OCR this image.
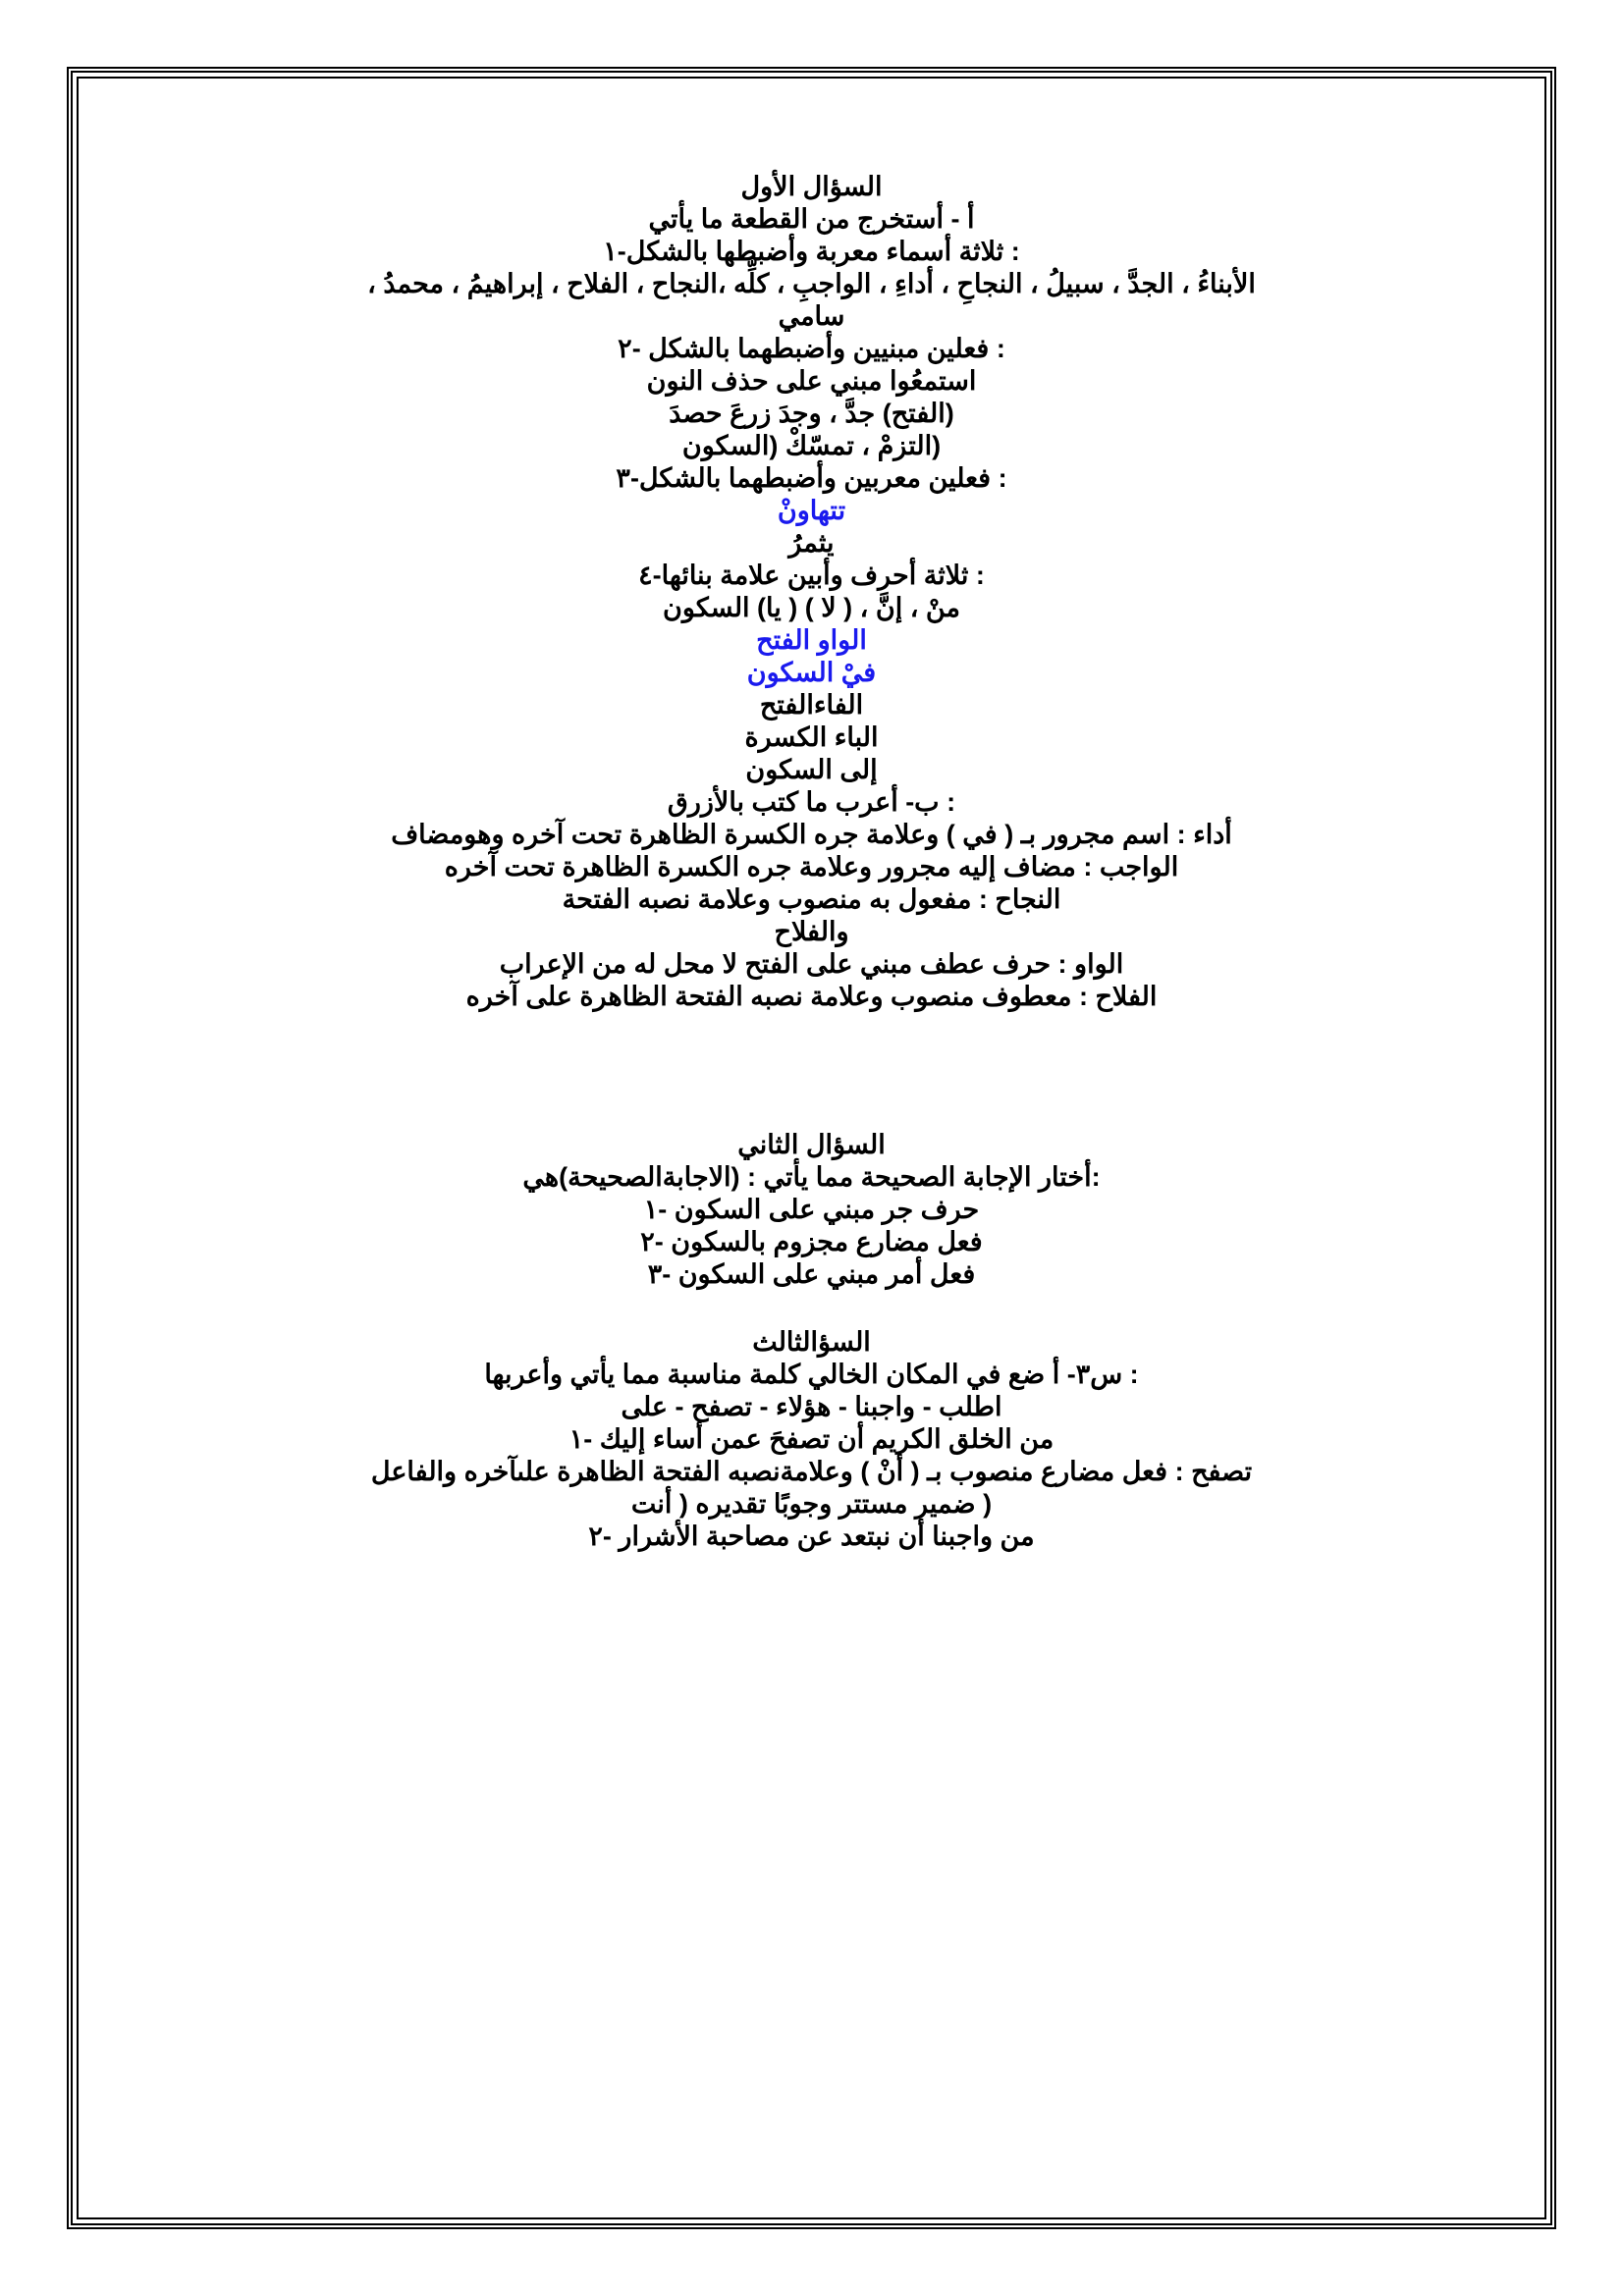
السؤال الأول
أ - أستخرج من القطعة ما يأتي
: ثلاثة أسماء معربة وأضبطها بالشكل-١
الأبناءُ ، الجدَّ ، سبيلُ ، النجاحِ ، أداءِ ، الواجبِ ، كلِّه ،النجاح ، الفلاح ، إبراهيمُ ، محمدُ ،
سامي
: فعلين مبنيين وأضبطهما بالشكل -٢
استمعُوا مبني على حذف النون
(الفتح) جدَّ ، وجدَ زرعَ حصدَ
(التزمْ ، تمسّكْ (السكون
: فعلين معربين وأضبطهما بالشكل-٣
تتهاونْ
يثمرُ
: ثلاثة أحرف وأبين علامة بنائها-٤
منْ ، إنَّ ، ( لا ) ( يا) السكون
الواو الفتح
فيْ السكون
الفاءالفتح
الباء الكسرة
إلى السكون
: ب- أعرب ما كتب بالأزرق
أداء : اسم مجرور بـ ( في ) وعلامة جره الكسرة الظاهرة تحت آخره وهومضاف
الواجب : مضاف إليه مجرور وعلامة جره الكسرة الظاهرة تحت آخره
النجاح : مفعول به منصوب وعلامة نصبه الفتحة
والفلاح
الواو : حرف عطف مبني على الفتح لا محل له من الإعراب
الفلاح : معطوف منصوب وعلامة نصبه الفتحة الظاهرة على آخره
السؤال الثاني
:أختار الإجابة الصحيحة مما يأتي : (الاجابةالصحيحة)هي
حرف جر مبني على السكون -١
فعل مضارع مجزوم بالسكون -٢
فعل أمر مبني على السكون -٣
السؤالثالث
: س٣- أ ضع في المكان الخالي كلمة مناسبة مما يأتي وأعربها
اطلب - واجبنا - هؤلاء - تصفح - على
من الخلق الكريم أن تصفحَ عمن أساء إليك -١
تصفح : فعل مضارع منصوب بـ ( أنْ ) وعلامةنصبه الفتحة الظاهرة علىآخره والفاعل
( ضمير مستتر وجوبًا تقديره ( أنت
من واجبنا أن نبتعد عن مصاحبة الأشرار -٢
